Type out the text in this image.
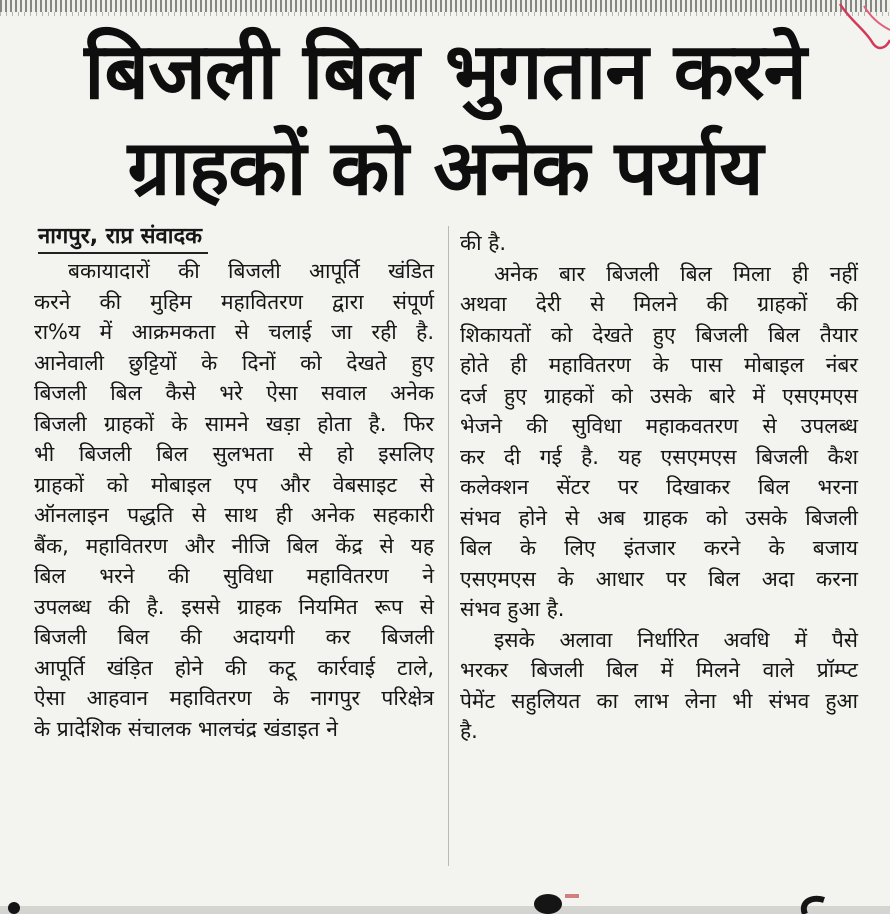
बिजली बिल भुगतान करने
ग्राहकों को अनेक पर्याय
नागपुर, राप्र संवादक
बकायादारों की बिजली आपूर्ति खंडित
करने की मुहिम महावितरण द्वारा संपूर्ण
रा%य में आक्रमकता से चलाई जा रही है.
आनेवाली छुट्टियों के दिनों को देखते हुए
बिजली बिल कैसे भरे ऐसा सवाल अनेक
बिजली ग्राहकों के सामने खड़ा होता है. फिर
भी बिजली बिल सुलभता से हो इसलिए
ग्राहकों को मोबाइल एप और वेबसाइट से
ऑनलाइन पद्धति से साथ ही अनेक सहकारी
बैंक, महावितरण और नीजि बिल केंद्र से यह
बिल भरने की सुविधा महावितरण ने
उपलब्ध की है. इससे ग्राहक नियमित रूप से
बिजली बिल की अदायगी कर बिजली
आपूर्ति खंड़ित होने की कटू कार्रवाई टाले,
ऐसा आहवान महावितरण के नागपुर परिक्षेत्र
के प्रादेशिक संचालक भालचंद्र खंडाइत ने
की है.
अनेक बार बिजली बिल मिला ही नहीं
अथवा देरी से मिलने की ग्राहकों की
शिकायतों को देखते हुए बिजली बिल तैयार
होते ही महावितरण के पास मोबाइल नंबर
दर्ज हुए ग्राहकों को उसके बारे में एसएमएस
भेजने की सुविधा महाकवतरण से उपलब्ध
कर दी गई है. यह एसएमएस बिजली कैश
कलेक्शन सेंटर पर दिखाकर बिल भरना
संभव होने से अब ग्राहक को उसके बिजली
बिल के लिए इंतजार करने के बजाय
एसएमएस के आधार पर बिल अदा करना
संभव हुआ है.
इसके अलावा निर्धारित अवधि में पैसे
भरकर बिजली बिल में मिलने वाले प्रॉम्प्ट
पेमेंट सहुलियत का लाभ लेना भी संभव हुआ
है.
